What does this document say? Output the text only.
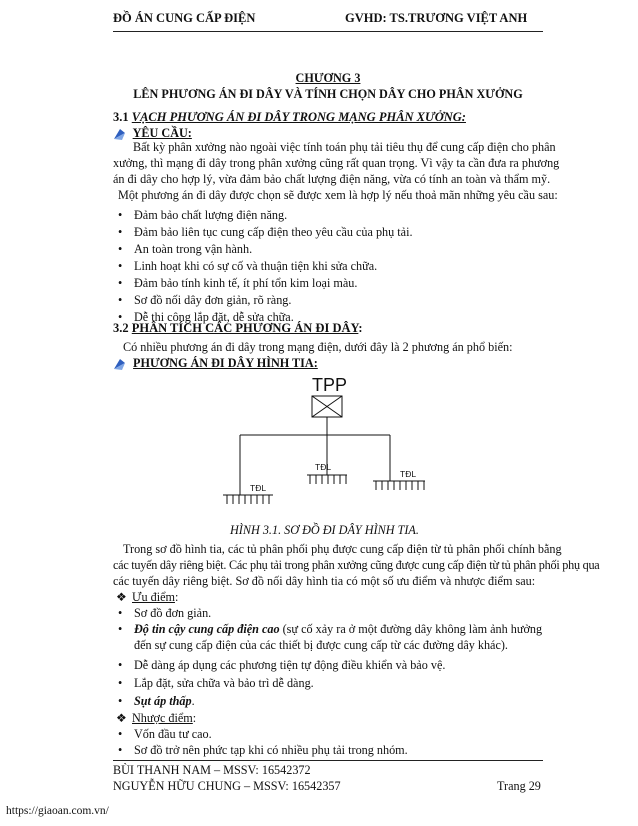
ĐỒ ÁN CUNG CẤP ĐIỆN	GVHD: TS.TRƯƠNG VIỆT ANH
CHƯƠNG 3
LÊN PHƯƠNG ÁN ĐI DÂY VÀ TÍNH CHỌN DÂY CHO PHÂN XƯỞNG
3.1 VẠCH PHƯƠNG ÁN ĐI DÂY TRONG MẠNG PHÂN XƯỞNG:
YÊU CẦU:
Bất kỳ phân xưởng nào ngoài việc tính toán phụ tải tiêu thụ để cung cấp điện cho phân
xưởng, thì mạng đi dây trong phân xưởng cũng rất quan trọng. Vì vậy ta cần đưa ra phương
án đi dây cho hợp lý, vừa đảm bảo chất lượng điện năng, vừa có tính an toàn và thẩm mỹ.
Một phương án đi dây được chọn sẽ được xem là hợp lý nếu thoả mãn những yêu cầu sau:
• Đảm bảo chất lượng điện năng.
• Đảm bảo liên tục cung cấp điện theo yêu cầu của phụ tải.
• An toàn trong vận hành.
• Linh hoạt khi có sự cố và thuận tiện khi sửa chữa.
• Đảm bảo tính kinh tế, ít phí tổn kim loại màu.
• Sơ đồ nối dây đơn giản, rõ ràng.
• Dễ thi công lắp đặt, dễ sửa chữa.
3.2 PHÂN TÍCH CÁC PHƯƠNG ÁN ĐI DÂY:
Có nhiều phương án đi dây trong mạng điện, dưới đây là 2 phương án phổ biến:
PHƯƠNG ÁN ĐI DÂY HÌNH TIA:
TPP
TĐL
TĐL
TĐL
HÌNH 3.1. SƠ ĐỒ ĐI DÂY HÌNH TIA.
Trong sơ đồ hình tia, các tủ phân phối phụ được cung cấp điện từ tủ phân phối chính bằng
các tuyến dây riêng biệt. Các phụ tải trong phân xưởng cũng được cung cấp điện từ tủ phân phối phụ qua
các tuyến dây riêng biệt. Sơ đồ nối dây hình tia có một số ưu điểm và nhược điểm sau:
❖ Ưu điểm:
• Sơ đồ đơn giản.
• Độ tin cậy cung cấp điện cao (sự cố xảy ra ở một đường dây không làm ảnh hưởng
đến sự cung cấp điện của các thiết bị được cung cấp từ các đường dây khác).
• Dễ dàng áp dụng các phương tiện tự động điều khiển và bảo vệ.
• Lắp đặt, sửa chữa và bảo trì dễ dàng.
• Sụt áp thấp.
❖ Nhược điểm:
• Vốn đầu tư cao.
• Sơ đồ trở nên phức tạp khi có nhiều phụ tải trong nhóm.
BÙI THANH NAM – MSSV: 16542372
NGUYỄN HỮU CHUNG – MSSV: 16542357	Trang 29
https://giaoan.com.vn/
